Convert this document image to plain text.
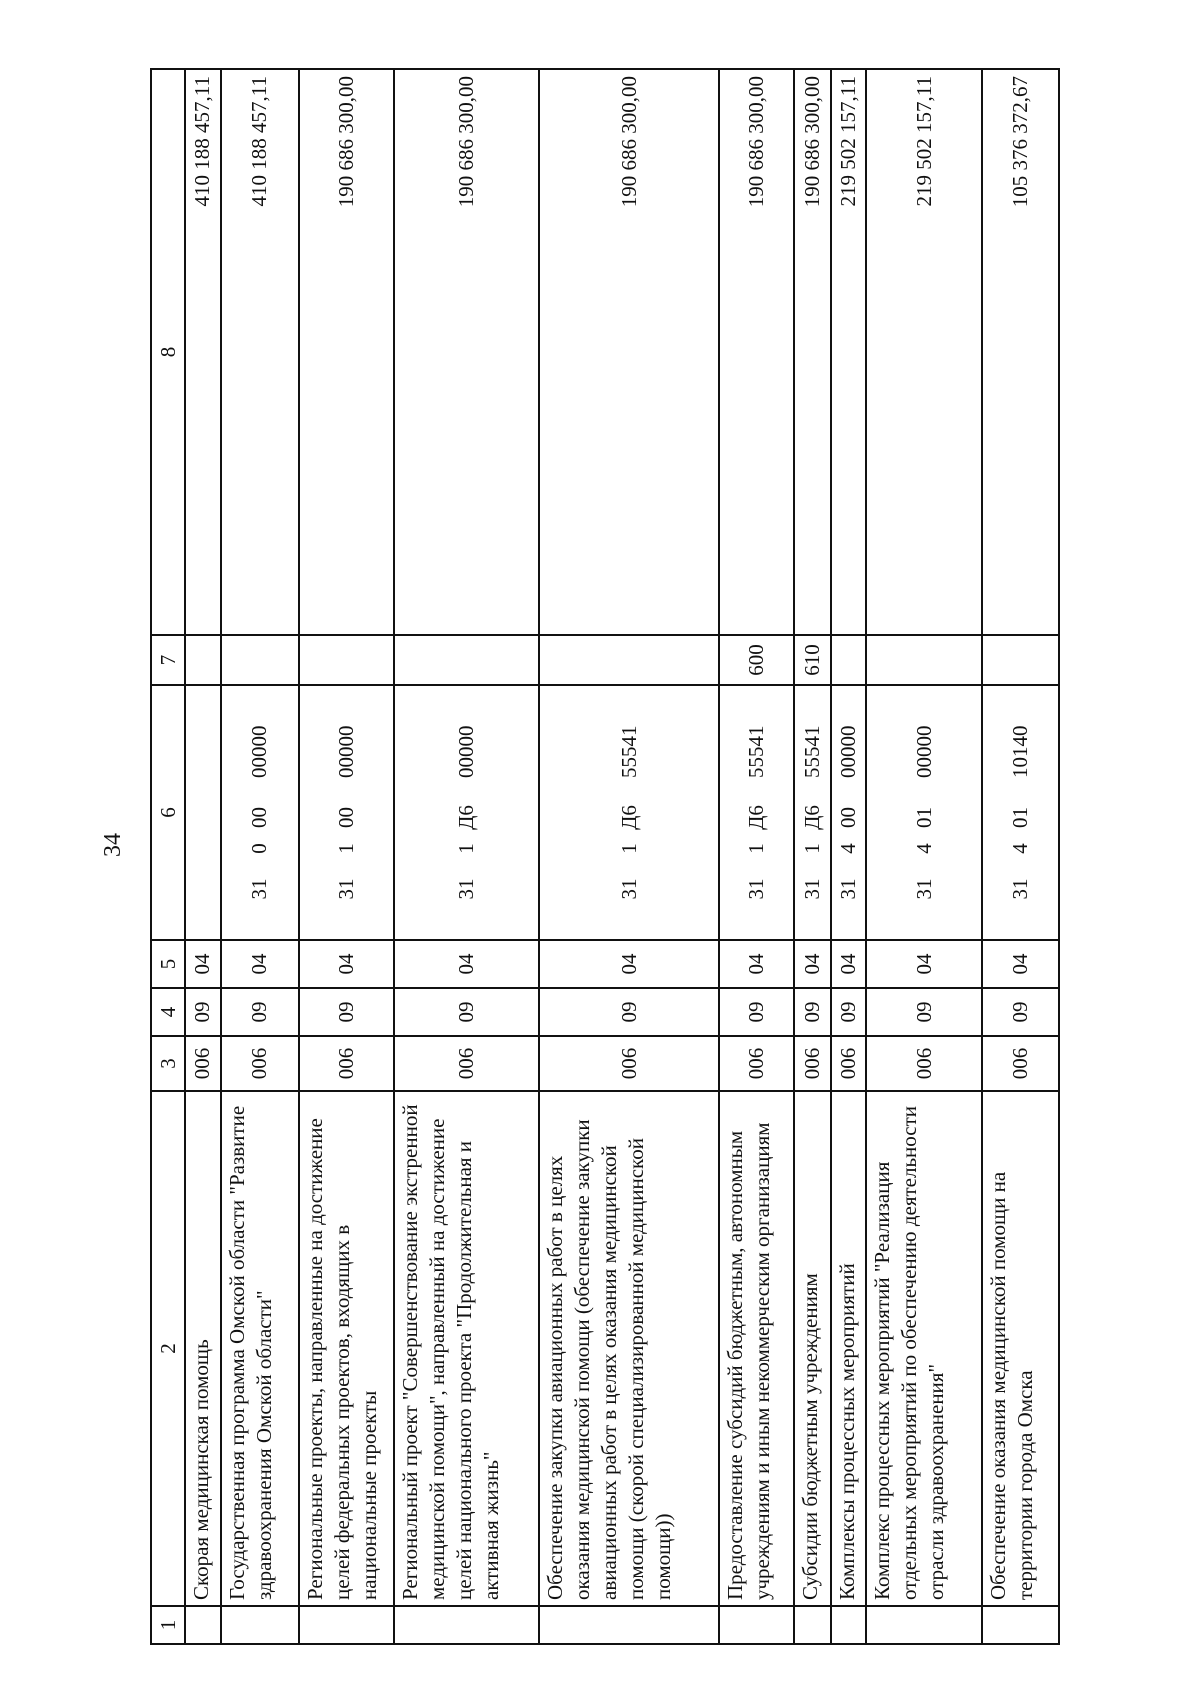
34
1	2	3	4	5	6	7	8
	Скорая медицинская помощь	006	09	04			410 188 457,11
	Государственная программа Омской области "Развитие здравоохранения Омской области"	006	09	04	3100000000		410 188 457,11
	Региональные проекты, направленные на достижение целей федеральных проектов, входящих в национальные проекты	006	09	04	3110000000		190 686 300,00
	Региональный проект "Совершенствование экстренной медицинской помощи", направленный на достижение целей национального проекта "Продолжительная и активная жизнь"	006	09	04	311Д600000		190 686 300,00
	Обеспечение закупки авиационных работ в целях оказания медицинской помощи (обеспечение закупки авиационных работ в целях оказания медицинской помощи (скорой специализированной медицинской помощи))	006	09	04	311Д655541		190 686 300,00
	Предоставление субсидий бюджетным, автономным учреждениям и иным некоммерческим организациям	006	09	04	311Д655541	600	190 686 300,00
	Субсидии бюджетным учреждениям	006	09	04	311Д655541	610	190 686 300,00
	Комплексы процессных мероприятий	006	09	04	3140000000		219 502 157,11
	Комплекс процессных мероприятий "Реализация отдельных мероприятий по обеспечению деятельности отрасли здравоохранения"	006	09	04	3140100000		219 502 157,11
	Обеспечение оказания медицинской помощи на территории города Омска	006	09	04	3140110140		105 376 372,67
